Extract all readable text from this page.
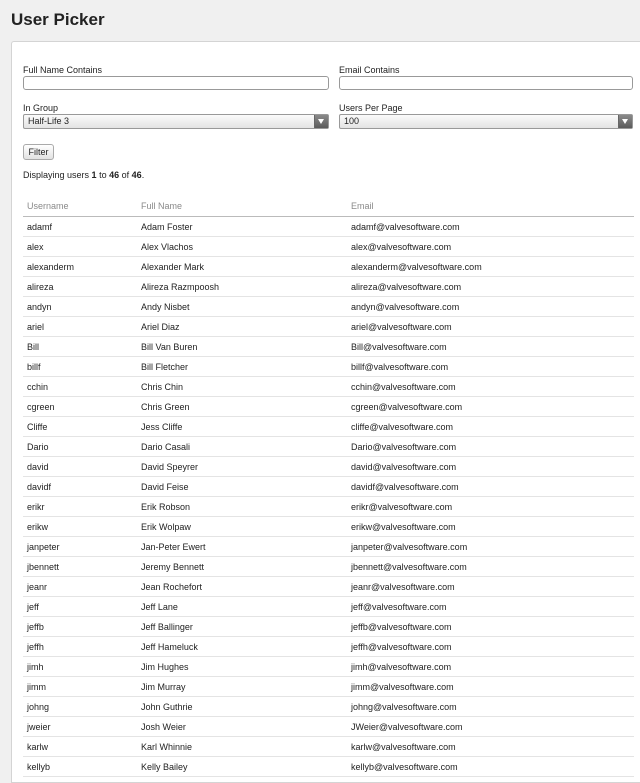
User Picker
Full Name Contains	Email Contains
In Group
Half-Life 3
Users Per Page
100
Filter
Displaying users 1 to 46 of 46.
Username	Full Name	Email
adamf	Adam Foster	adamf@valvesoftware.com
alex	Alex Vlachos	alex@valvesoftware.com
alexanderm	Alexander Mark	alexanderm@valvesoftware.com
alireza	Alireza Razmpoosh	alireza@valvesoftware.com
andyn	Andy Nisbet	andyn@valvesoftware.com
ariel	Ariel Diaz	ariel@valvesoftware.com
Bill	Bill Van Buren	Bill@valvesoftware.com
billf	Bill Fletcher	billf@valvesoftware.com
cchin	Chris Chin	cchin@valvesoftware.com
cgreen	Chris Green	cgreen@valvesoftware.com
Cliffe	Jess Cliffe	cliffe@valvesoftware.com
Dario	Dario Casali	Dario@valvesoftware.com
david	David Speyrer	david@valvesoftware.com
davidf	David Feise	davidf@valvesoftware.com
erikr	Erik Robson	erikr@valvesoftware.com
erikw	Erik Wolpaw	erikw@valvesoftware.com
janpeter	Jan-Peter Ewert	janpeter@valvesoftware.com
jbennett	Jeremy Bennett	jbennett@valvesoftware.com
jeanr	Jean Rochefort	jeanr@valvesoftware.com
jeff	Jeff Lane	jeff@valvesoftware.com
jeffb	Jeff Ballinger	jeffb@valvesoftware.com
jeffh	Jeff Hameluck	jeffh@valvesoftware.com
jimh	Jim Hughes	jimh@valvesoftware.com
jimm	Jim Murray	jimm@valvesoftware.com
johng	John Guthrie	johng@valvesoftware.com
jweier	Josh Weier	JWeier@valvesoftware.com
karlw	Karl Whinnie	karlw@valvesoftware.com
kellyb	Kelly Bailey	kellyb@valvesoftware.com
